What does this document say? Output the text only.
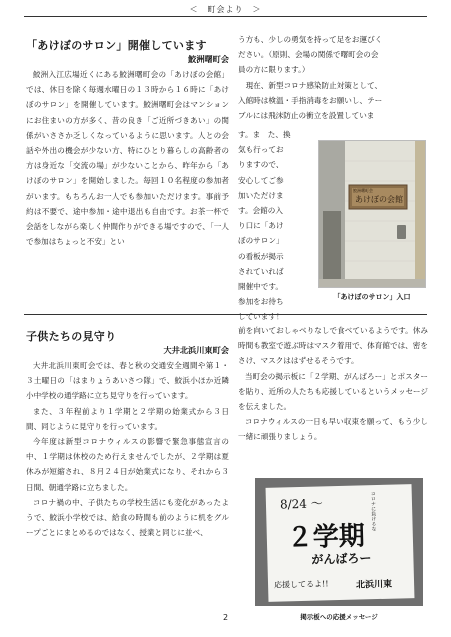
＜　町会より　＞
「あけぼのサロン」開催しています
鮫洲曙町会

鮫洲入江広場近くにある鮫洲曙町会の「あけぼの会館」では、休日を除く毎週水曜日の１３時から１６時に「あけぼのサロン」を開催しています。鮫洲曙町会はマンションにお住まいの方が多く、昔の良き「ご近所づきあい」の関係がいささか乏しくなっているように思います。人との会話や外出の機会が少ない方、特にひとり暮らしの高齢者の方は身近な「交流の場」が少ないことから、昨年から「あけぼのサロン」を開始しました。毎回１０名程度の参加者がいます。もちろんお一人でも参加いただけます。事前予約は不要で、途中参加・途中退出も自由です。お茶一杯で会話をしながら楽しく仲間作りができる場ですので、「一人で参加はちょっと不安」とい

う方も、少しの勇気を持って足をお運びく
ださい。（原則、会場の関係で曙町会の会
員の方に限ります。）
　現在、新型コロナ感染防止対策として、
入館時は検温・手指消毒をお願いし、テー
ブルには飛沫防止の衝立を設置していま
す。ま　た、換
気も行ってお
りますので、
安心してご参
加いただけま
す。会館の入
り口に「あけ
ぼのサロン」
の看板が掲示
されていれば
開催中です。
参加をお待ち
しています！
鮫洲曙町会
あけぼの会館
「あけぼのサロン」入口
子供たちの見守り
大井北浜川東町会

大井北浜川東町会では、春と秋の交通安全週間や第１・３土曜日の「はまりょうあいさつ隊」で、鮫浜小ほか近隣小中学校の通学路に立ち見守りを行っています。

また、３年程前より１学期と２学期の始業式から３日間、同じように見守りを行っています。

今年度は新型コロナウィルスの影響で緊急事態宣言の中、１学期は休校のため行えませんでしたが、２学期は夏休みが短縮され、８月２４日が始業式になり、それから３日間、朝通学路に立ちました。

コロナ禍の中、子供たちの学校生活にも変化があったようで、鮫浜小学校では、給食の時間も前のように机をグループごとにまとめるのではなく、授業と同じに並べ、

前を向いておしゃべりなしで食べているようです。休み時間も教室で遊ぶ時はマスク着用で、体育館では、密をさけ、マスクははずせるそうです。

当町会の掲示板に「２学期、がんばろー」とポスターを貼り、近所の人たちも応援しているというメッセージを伝えました。

コロナウィルスの一日も早い収束を願って、もう少し一緒に頑張りましょう。

8/24 〜	コロナに負けるな
２学期
がんばろー
応援してるよ!!	北浜川東
掲示板への応援メッセージ
2
